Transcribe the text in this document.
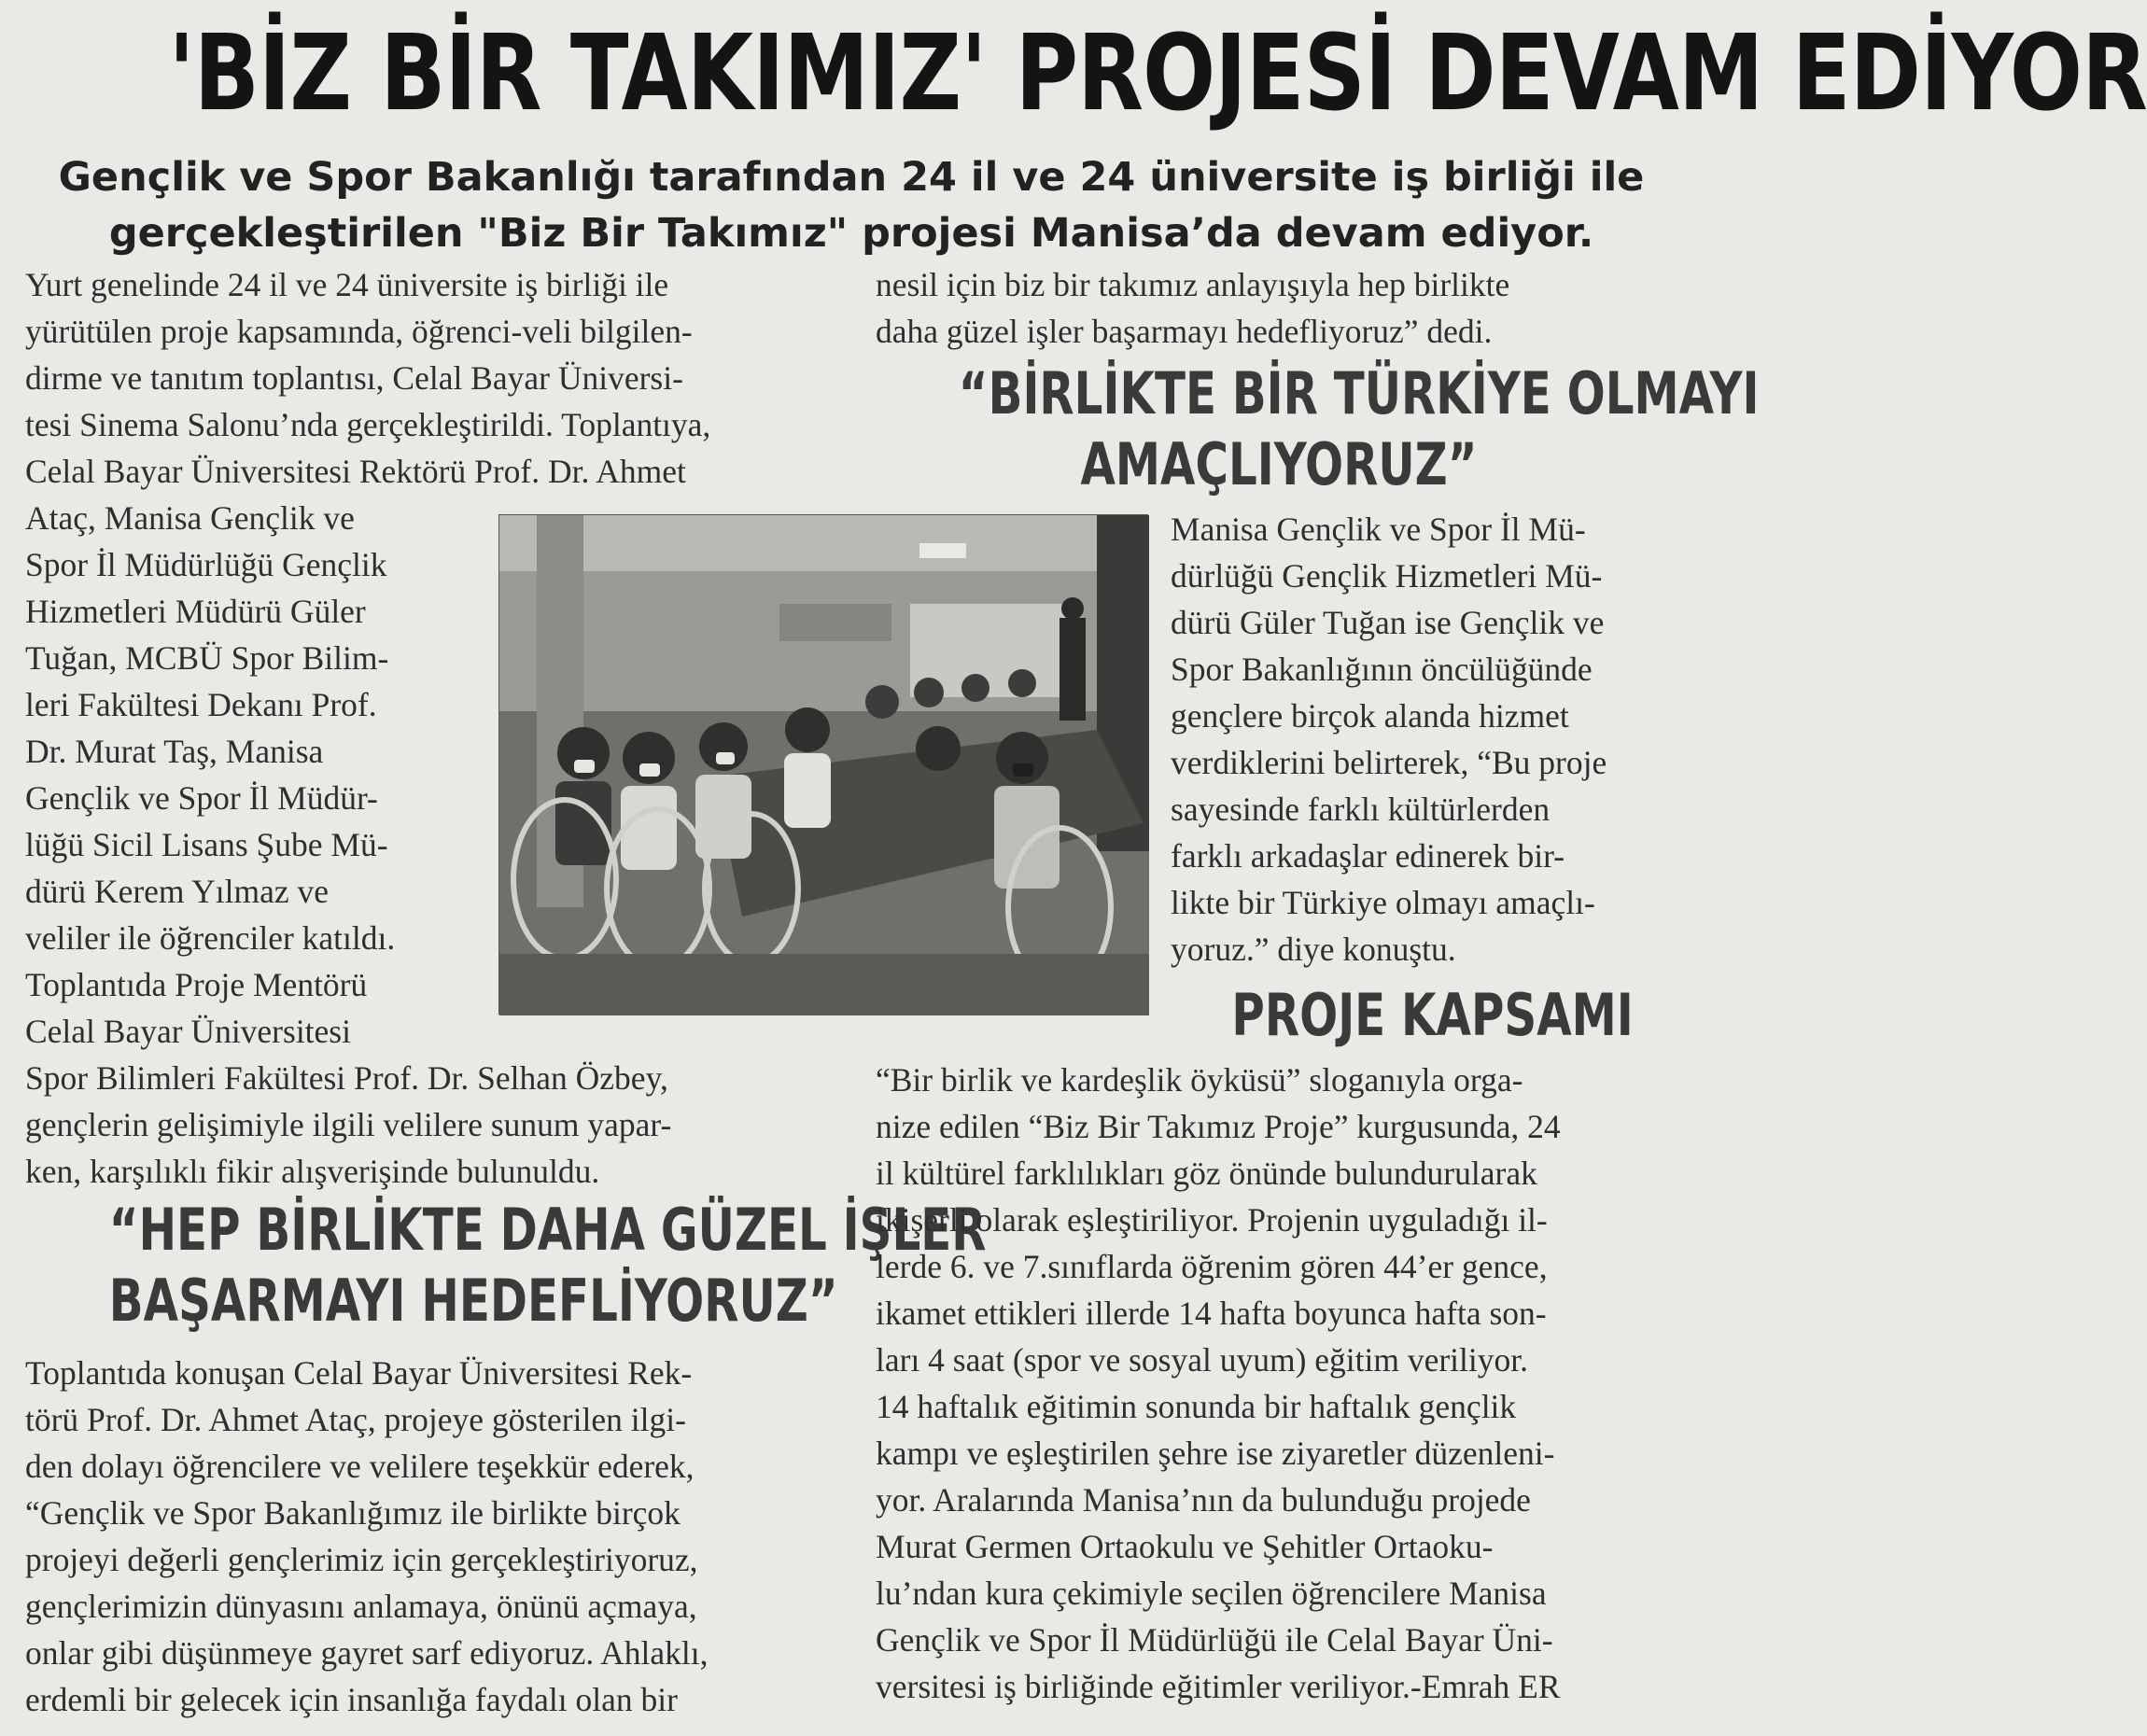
'BİZ BİR TAKIMIZ' PROJESİ DEVAM EDİYOR
Gençlik ve Spor Bakanlığı tarafından 24 il ve 24 üniversite iş birliği ile
gerçekleştirilen "Biz Bir Takımız" projesi Manisa’da devam ediyor.
Yurt genelinde 24 il ve 24 üniversite iş birliği ile
yürütülen proje kapsamında, öğrenci-veli bilgilen-
dirme ve tanıtım toplantısı, Celal Bayar Üniversi-
tesi Sinema Salonu’nda gerçekleştirildi. Toplantıya,
Celal Bayar Üniversitesi Rektörü Prof. Dr. Ahmet
Ataç, Manisa Gençlik ve
Spor İl Müdürlüğü Gençlik
Hizmetleri Müdürü Güler
Tuğan, MCBÜ Spor Bilim-
leri Fakültesi Dekanı Prof.
Dr. Murat Taş, Manisa
Gençlik ve Spor İl Müdür-
lüğü Sicil Lisans Şube Mü-
dürü Kerem Yılmaz ve
veliler ile öğrenciler katıldı.
Toplantıda Proje Mentörü
Celal Bayar Üniversitesi
Spor Bilimleri Fakültesi Prof. Dr. Selhan Özbey,
gençlerin gelişimiyle ilgili velilere sunum yapar-
ken, karşılıklı fikir alışverişinde bulunuldu.
“HEP BİRLİKTE DAHA GÜZEL İŞLER
BAŞARMAYI HEDEFLİYORUZ”
Toplantıda konuşan Celal Bayar Üniversitesi Rek-
törü Prof. Dr. Ahmet Ataç, projeye gösterilen ilgi-
den dolayı öğrencilere ve velilere teşekkür ederek,
“Gençlik ve Spor Bakanlığımız ile birlikte birçok
projeyi değerli gençlerimiz için gerçekleştiriyoruz,
gençlerimizin dünyasını anlamaya, önünü açmaya,
onlar gibi düşünmeye gayret sarf ediyoruz. Ahlaklı,
erdemli bir gelecek için insanlığa faydalı olan bir
nesil için biz bir takımız anlayışıyla hep birlikte
daha güzel işler başarmayı hedefliyoruz” dedi.
“BİRLİKTE BİR TÜRKİYE OLMAYI
AMAÇLIYORUZ”
Manisa Gençlik ve Spor İl Mü-
dürlüğü Gençlik Hizmetleri Mü-
dürü Güler Tuğan ise Gençlik ve
Spor Bakanlığının öncülüğünde
gençlere birçok alanda hizmet
verdiklerini belirterek, “Bu proje
sayesinde farklı kültürlerden
farklı arkadaşlar edinerek bir-
likte bir Türkiye olmayı amaçlı-
yoruz.” diye konuştu.
PROJE KAPSAMI
“Bir birlik ve kardeşlik öyküsü” sloganıyla orga-
nize edilen “Biz Bir Takımız Proje” kurgusunda, 24
il kültürel farklılıkları göz önünde bulundurularak
ikişerli olarak eşleştiriliyor. Projenin uyguladığı il-
lerde 6. ve 7.sınıflarda öğrenim gören 44’er gence,
ikamet ettikleri illerde 14 hafta boyunca hafta son-
ları 4 saat (spor ve sosyal uyum) eğitim veriliyor.
14 haftalık eğitimin sonunda bir haftalık gençlik
kampı ve eşleştirilen şehre ise ziyaretler düzenleni-
yor. Aralarında Manisa’nın da bulunduğu projede
Murat Germen Ortaokulu ve Şehitler Ortaoku-
lu’ndan kura çekimiyle seçilen öğrencilere Manisa
Gençlik ve Spor İl Müdürlüğü ile Celal Bayar Üni-
versitesi iş birliğinde eğitimler veriliyor.-Emrah ER
